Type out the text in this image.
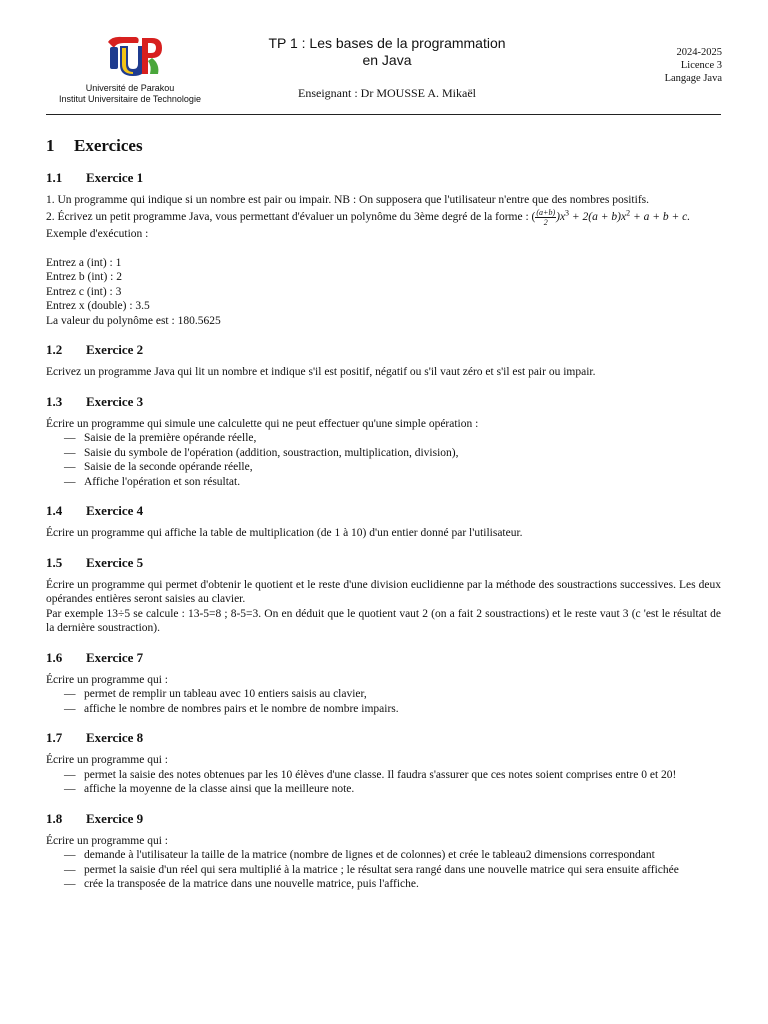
Université de Parakou
Institut Universitaire de Technologie
TP 1 : Les bases de la programmation
en Java
Enseignant : Dr MOUSSE A. Mikaël
2024-2025
Licence 3
Langage Java
1 Exercices
1.1 Exercice 1

1. Un programme qui indique si un nombre est pair ou impair. NB : On supposera que l'utilisateur n'entre que des nombres positifs.

2. Écrivez un petit programme Java, vous permettant d'évaluer un polynôme du 3ème degré de la forme : ( $\frac{(a+b)}{2} )x^3 + 2(a + b)x^2 + a + b + c$.

Exemple d'exécution :

Entrez a (int) : 1

Entrez b (int) : 2

Entrez c (int) : 3

Entrez x (double) : 3.5

La valeur du polynôme est : 180.5625

1.2 Exercice 2

Ecrivez un programme Java qui lit un nombre et indique s'il est positif, négatif ou s'il vaut zéro et s'il est pair ou impair.

1.3 Exercice 3

Écrire un programme qui simule une calculette qui ne peut effectuer qu'une simple opération :

— Saisie de la première opérande réelle,
— Saisie du symbole de l'opération (addition, soustraction, multiplication, division),
— Saisie de la seconde opérande réelle,
— Affiche l'opération et son résultat.
1.4 Exercice 4

Écrire un programme qui affiche la table de multiplication (de 1 à 10) d'un entier donné par l'utilisateur.

1.5 Exercice 5

Écrire un programme qui permet d'obtenir le quotient et le reste d'une division euclidienne par la méthode des soustractions successives. Les deux opérandes entières seront saisies au clavier.

Par exemple 13÷5 se calcule : 13-5=8 ; 8-5=3. On en déduit que le quotient vaut 2 (on a fait 2 soustractions) et le reste vaut 3 (c 'est le résultat de la dernière soustraction).

1.6 Exercice 7

Écrire un programme qui :

— permet de remplir un tableau avec 10 entiers saisis au clavier,
— affiche le nombre de nombres pairs et le nombre de nombre impairs.
1.7 Exercice 8

Écrire un programme qui :

— permet la saisie des notes obtenues par les 10 élèves d'une classe. Il faudra s'assurer que ces notes soient comprises entre 0 et 20!
— affiche la moyenne de la classe ainsi que la meilleure note.
1.8 Exercice 9

Écrire un programme qui :

— demande à l'utilisateur la taille de la matrice (nombre de lignes et de colonnes) et crée le tableau2 dimensions correspondant
— permet la saisie d'un réel qui sera multiplié à la matrice ; le résultat sera rangé dans une nouvelle matrice qui sera ensuite affichée
— crée la transposée de la matrice dans une nouvelle matrice, puis l'affiche.
